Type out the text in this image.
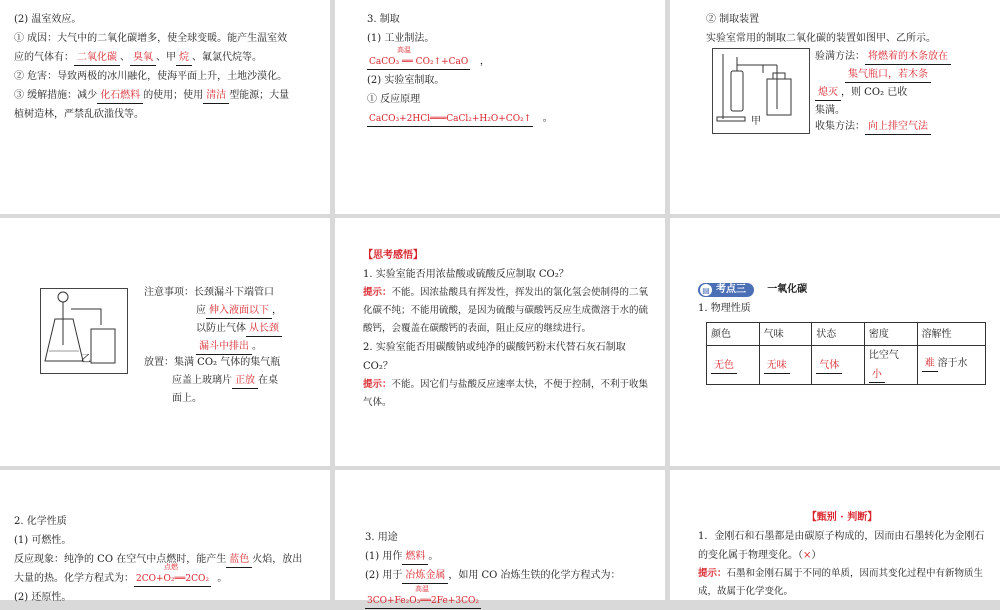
(2) 温室效应。

① 成因：大气中的二氧化碳增多，使全球变暖。能产生温室效

应的气体有： 二氧化碳 、 臭氧 、甲 烷 、氟氯代烷等。

② 危害：导致两极的冰川融化，使海平面上升，土地沙漠化。

③ 缓解措施：减少 化石燃料 的使用；使用 清洁 型能源；大量

植树造林，严禁乱砍滥伐等。

3. 制取

(1) 工业制法。

高温
CaCO₃ ══ CO₂↑+CaO ，

(2) 实验室制取。

① 反应原理

CaCO₃+2HCl═══CaCl₂+H₂O+CO₂↑ 。

② 制取装置

实验室常用的制取二氧化碳的装置如图甲、乙所示。

甲
验满方法： 将燃着的木条放在
集气瓶口，若木条
熄灭 ，则 CO₂ 已收
集满。
收集方法： 向上排空气法
乙
注意事项：长颈漏斗下端管口
应 伸入液面以下 ，
以防止气体 从长颈
漏斗中排出 。
放置：集满 CO₂ 气体的集气瓶
应盖上玻璃片 正放 在桌
面上。

【思考感悟】

1. 实验室能否用浓盐酸或硫酸反应制取 CO₂？

提示：不能。因浓盐酸具有挥发性，挥发出的氯化氢会使制得的二氧化碳不纯；不能用硫酸，是因为硫酸与碳酸钙反应生成微溶于水的硫酸钙，会覆盖在碳酸钙的表面，阻止反应的继续进行。

2. 实验室能否用碳酸钠或纯净的碳酸钙粉末代替石灰石制取 CO₂？

提示：不能。因它们与盐酸反应速率太快，不便于控制，不利于收集气体。

▤ 考点三 一氧化碳

1. 物理性质

颜色	气味	状态	密度	溶解性
无色	无味	气体	比空气小	难 溶于水

2. 化学性质

(1) 可燃性。

反应现象：纯净的 CO 在空气中点燃时，能产生 蓝色 火焰，放出

大量的热。化学方程式为：
点燃
2CO+O₂══2CO₂ 。

(2) 还原性。

3. 用途

(1) 用作 燃料 。

(2) 用于 冶炼金属 ，如用 CO 冶炼生铁的化学方程式为：

高温
3CO+Fe₂O₃══2Fe+3CO₂

【甄别 · 判断】

1．金刚石和石墨都是由碳原子构成的，因而由石墨转化为金刚石的变化属于物理变化。（×）

提示：石墨和金刚石属于不同的单质，因而其变化过程中有新物质生成，故属于化学变化。
